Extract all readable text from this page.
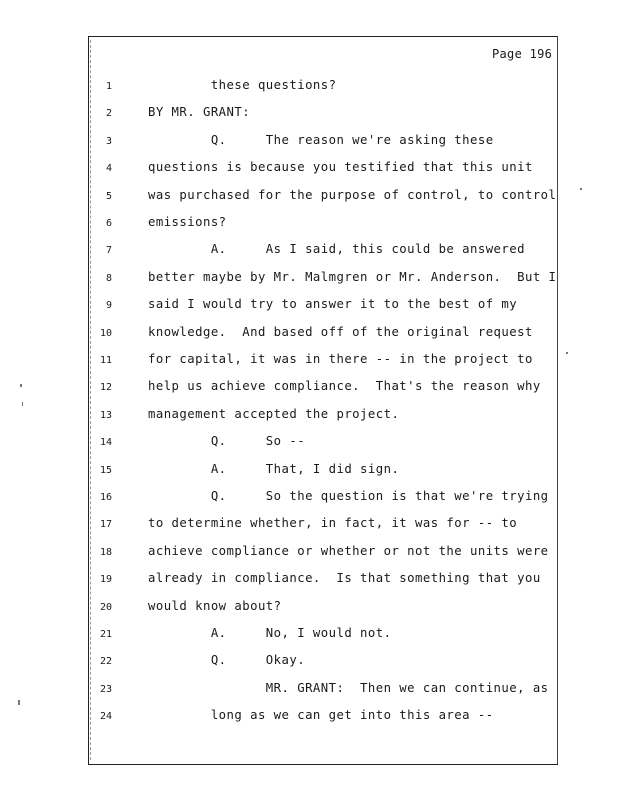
Page 196
1	these questions?
2	BY MR. GRANT:
3	Q.     The reason we're asking these
4	questions is because you testified that this unit
5	was purchased for the purpose of control, to control
6	emissions?
7	A.     As I said, this could be answered
8	better maybe by Mr. Malmgren or Mr. Anderson.  But I
9	said I would try to answer it to the best of my
10	knowledge.  And based off of the original request
11	for capital, it was in there -- in the project to
12	help us achieve compliance.  That's the reason why
13	management accepted the project.
14	Q.     So --
15	A.     That, I did sign.
16	Q.     So the question is that we're trying
17	to determine whether, in fact, it was for -- to
18	achieve compliance or whether or not the units were
19	already in compliance.  Is that something that you
20	would know about?
21	A.     No, I would not.
22	Q.     Okay.
23	MR. GRANT:  Then we can continue, as
24	long as we can get into this area --
